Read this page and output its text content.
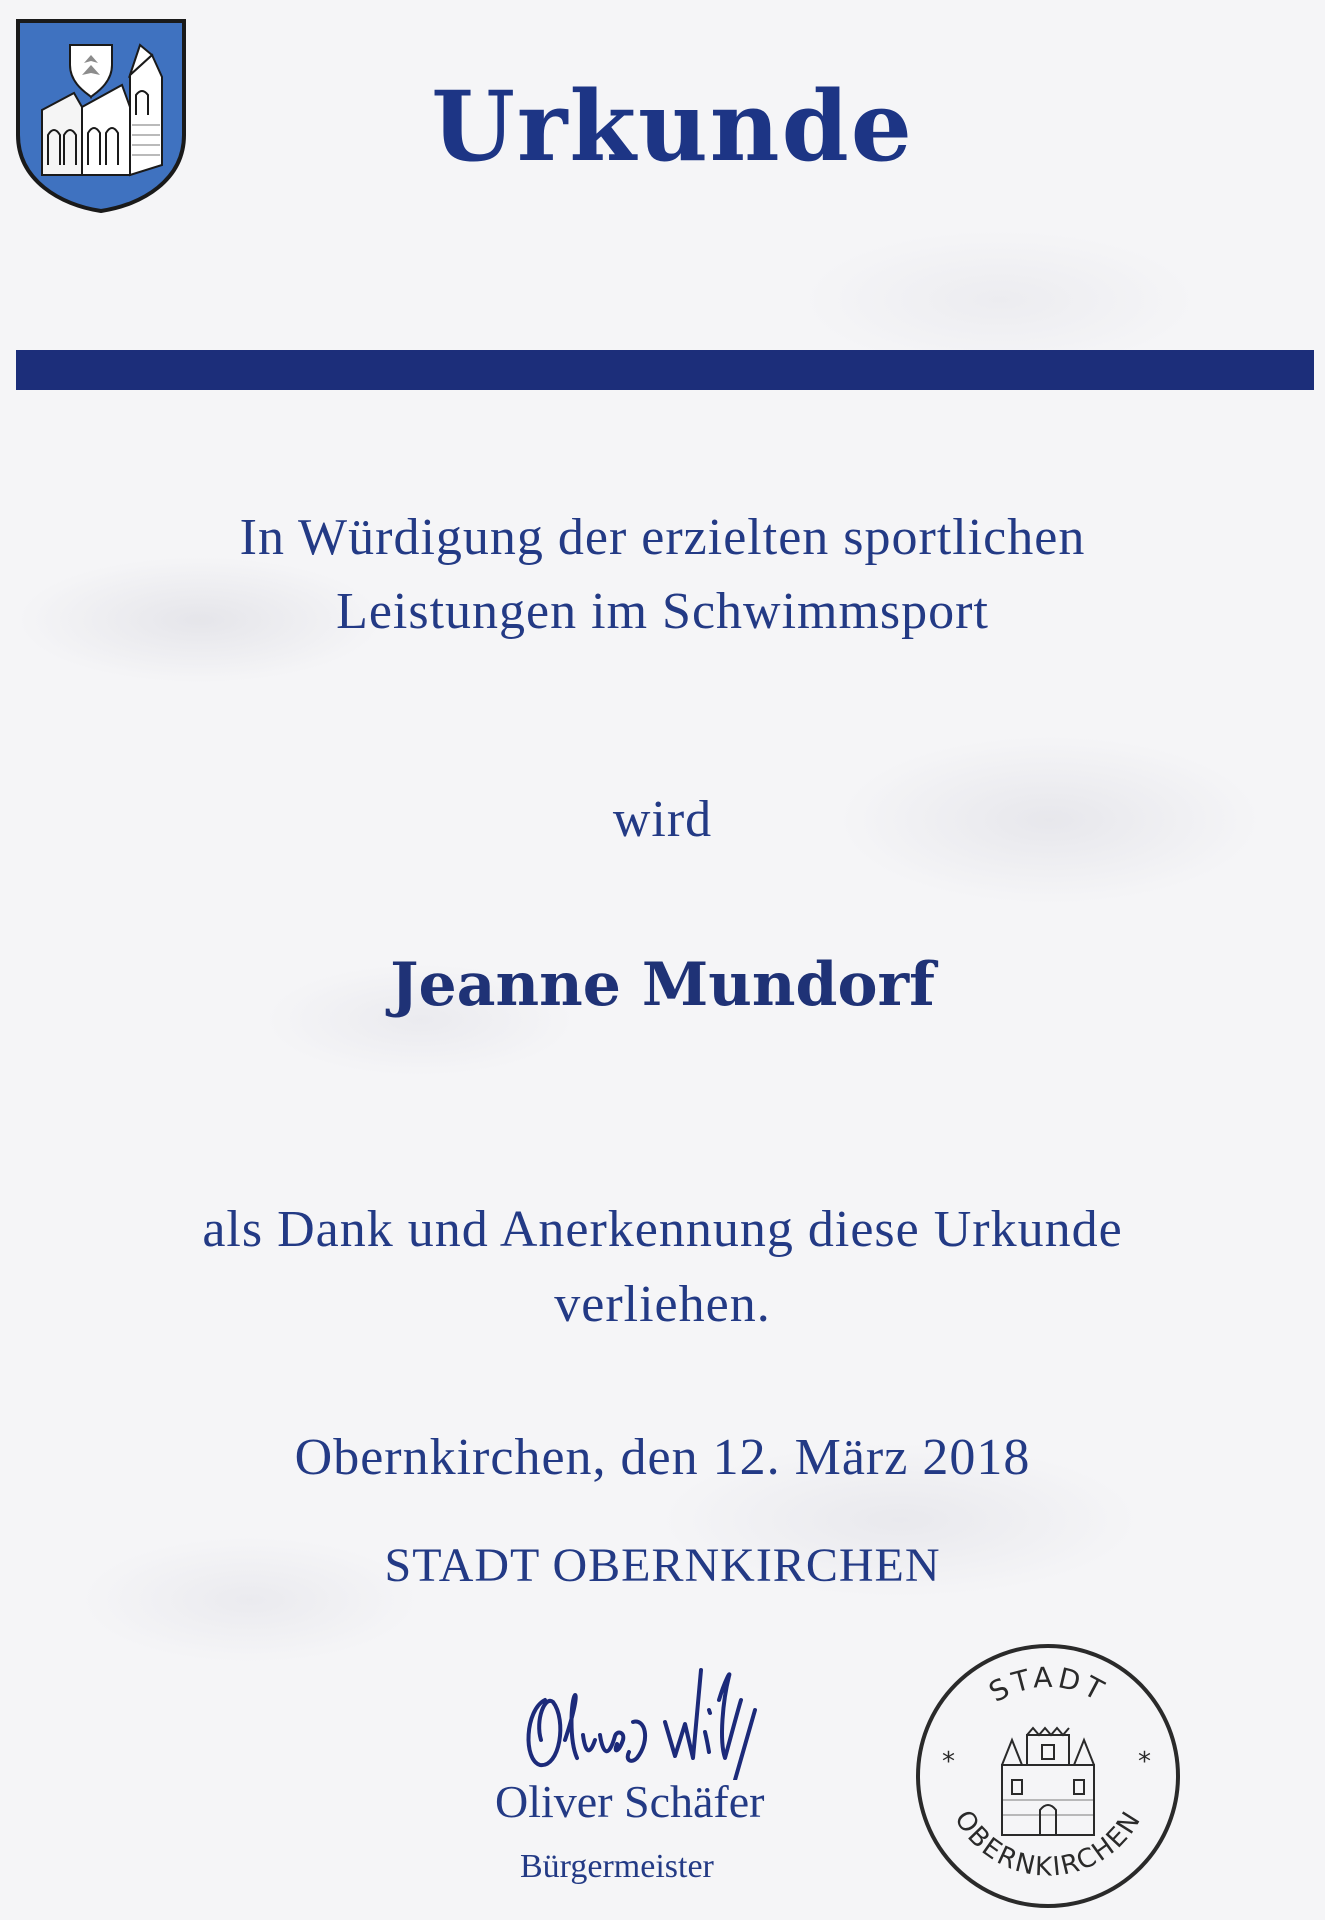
Urkunde
In Würdigung der erzielten sportlichen
Leistungen im Schwimmsport
wird
Jeanne Mundorf
als Dank und Anerkennung diese Urkunde
verliehen.
Obernkirchen, den 12. März 2018
STADT OBERNKIRCHEN
Oliver Schäfer
Bürgermeister
STADT
OBERNKIRCHEN
*	*
